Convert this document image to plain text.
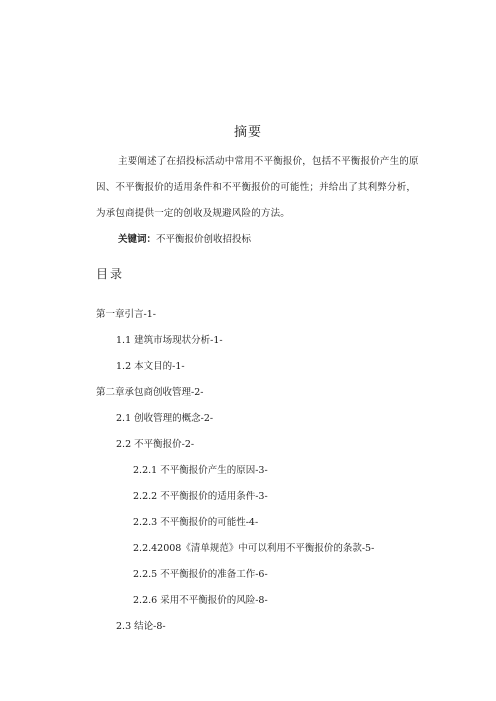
摘要
主要阐述了在招投标活动中常用不平衡报价，包括不平衡报价产生的原
因、不平衡报价的适用条件和不平衡报价的可能性；并给出了其利弊分析，
为承包商提供一定的创收及规避风险的方法。
关键词：不平衡报价创收招投标
目录
第一章引言-1-
1.1 建筑市场现状分析-1-
1.2 本文目的-1-
第二章承包商创收管理-2-
2.1 创收管理的概念-2-
2.2 不平衡报价-2-
2.2.1 不平衡报价产生的原因-3-
2.2.2 不平衡报价的适用条件-3-
2.2.3 不平衡报价的可能性-4-
2.2.42008《清单规范》中可以利用不平衡报价的条款-5-
2.2.5 不平衡报价的准备工作-6-
2.2.6 采用不平衡报价的风险-8-
2.3 结论-8-
